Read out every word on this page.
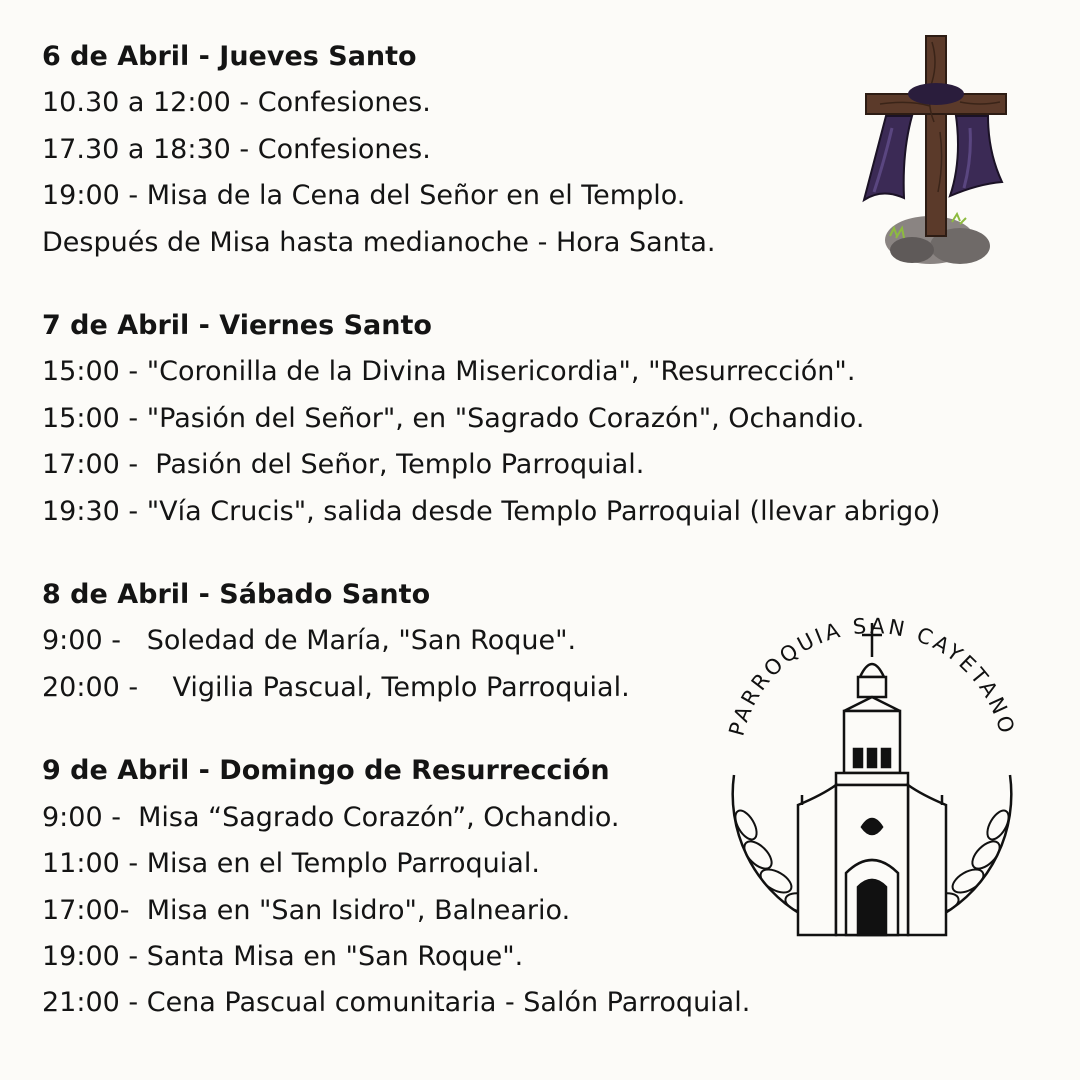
6 de Abril - Jueves Santo
10.30 a 12:00 - Confesiones.
17.30 a 18:30 - Confesiones.
19:00 - Misa de la Cena del Señor en el Templo.
Después de Misa hasta medianoche - Hora Santa.
7 de Abril - Viernes Santo
15:00 - "Coronilla de la Divina Misericordia", "Resurrección".
15:00 - "Pasión del Señor", en "Sagrado Corazón", Ochandio.
17:00 -  Pasión del Señor, Templo Parroquial.
19:30 - "Vía Crucis", salida desde Templo Parroquial (llevar abrigo)
8 de Abril - Sábado Santo
9:00 -   Soledad de María, "San Roque".
20:00 -    Vigilia Pascual, Templo Parroquial.
9 de Abril - Domingo de Resurrección
9:00 -  Misa “Sagrado Corazón”, Ochandio.
11:00 - Misa en el Templo Parroquial.
17:00-  Misa en "San Isidro", Balneario.
19:00 - Santa Misa en "San Roque".
21:00 - Cena Pascual comunitaria - Salón Parroquial.
PARROQUIA SAN CAYETANO
